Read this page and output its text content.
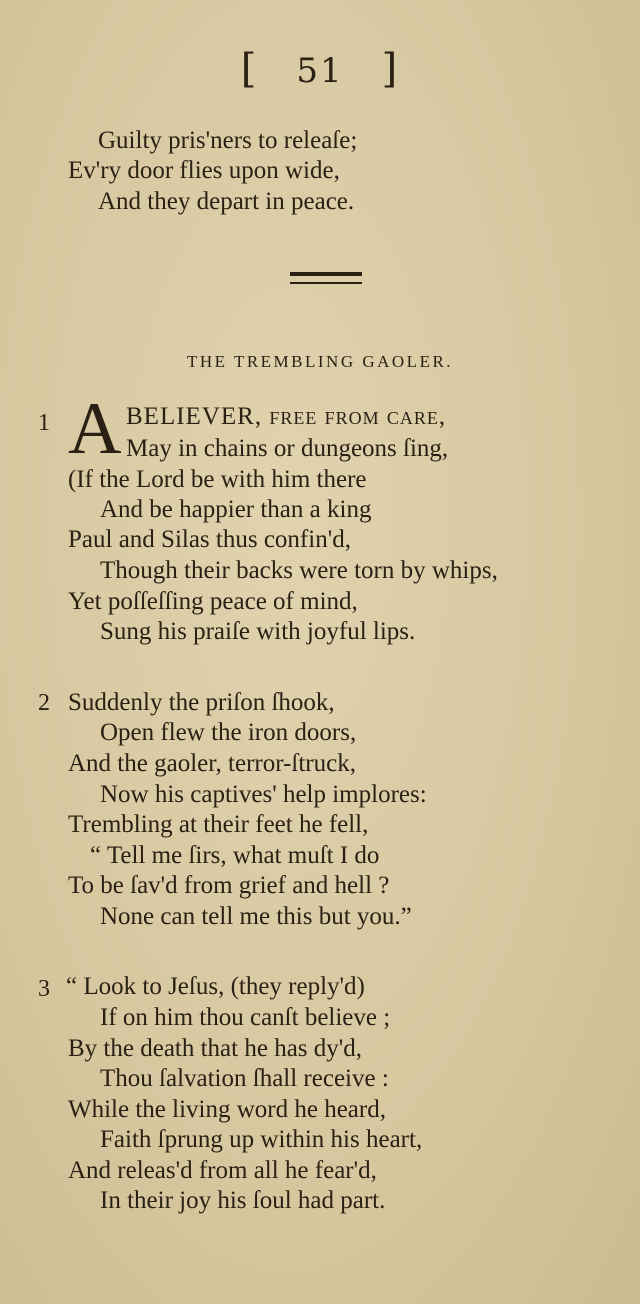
[ 51 ]
Guilty pris'ners to releaſe;
Ev'ry door flies upon wide,
And they depart in peace.
THE TREMBLING GAOLER.
1 A BELIEVER, free from care,
May in chains or dungeons ſing,
(If the Lord be with him there
And be happier than a king
Paul and Silas thus confin'd,
Though their backs were torn by whips,
Yet poſſeſſing peace of mind,
Sung his praiſe with joyful lips.
2 Suddenly the priſon ſhook,
Open flew the iron doors,
And the gaoler, terror-ſtruck,
Now his captives' help implores:
Trembling at their feet he fell,
“ Tell me ſirs, what muſt I do
To be ſav'd from grief and hell ?
None can tell me this but you.”
3 “ Look to Jeſus, (they reply'd)
If on him thou canſt believe ;
By the death that he has dy'd,
Thou ſalvation ſhall receive :
While the living word he heard,
Faith ſprung up within his heart,
And releas'd from all he fear'd,
In their joy his ſoul had part.
